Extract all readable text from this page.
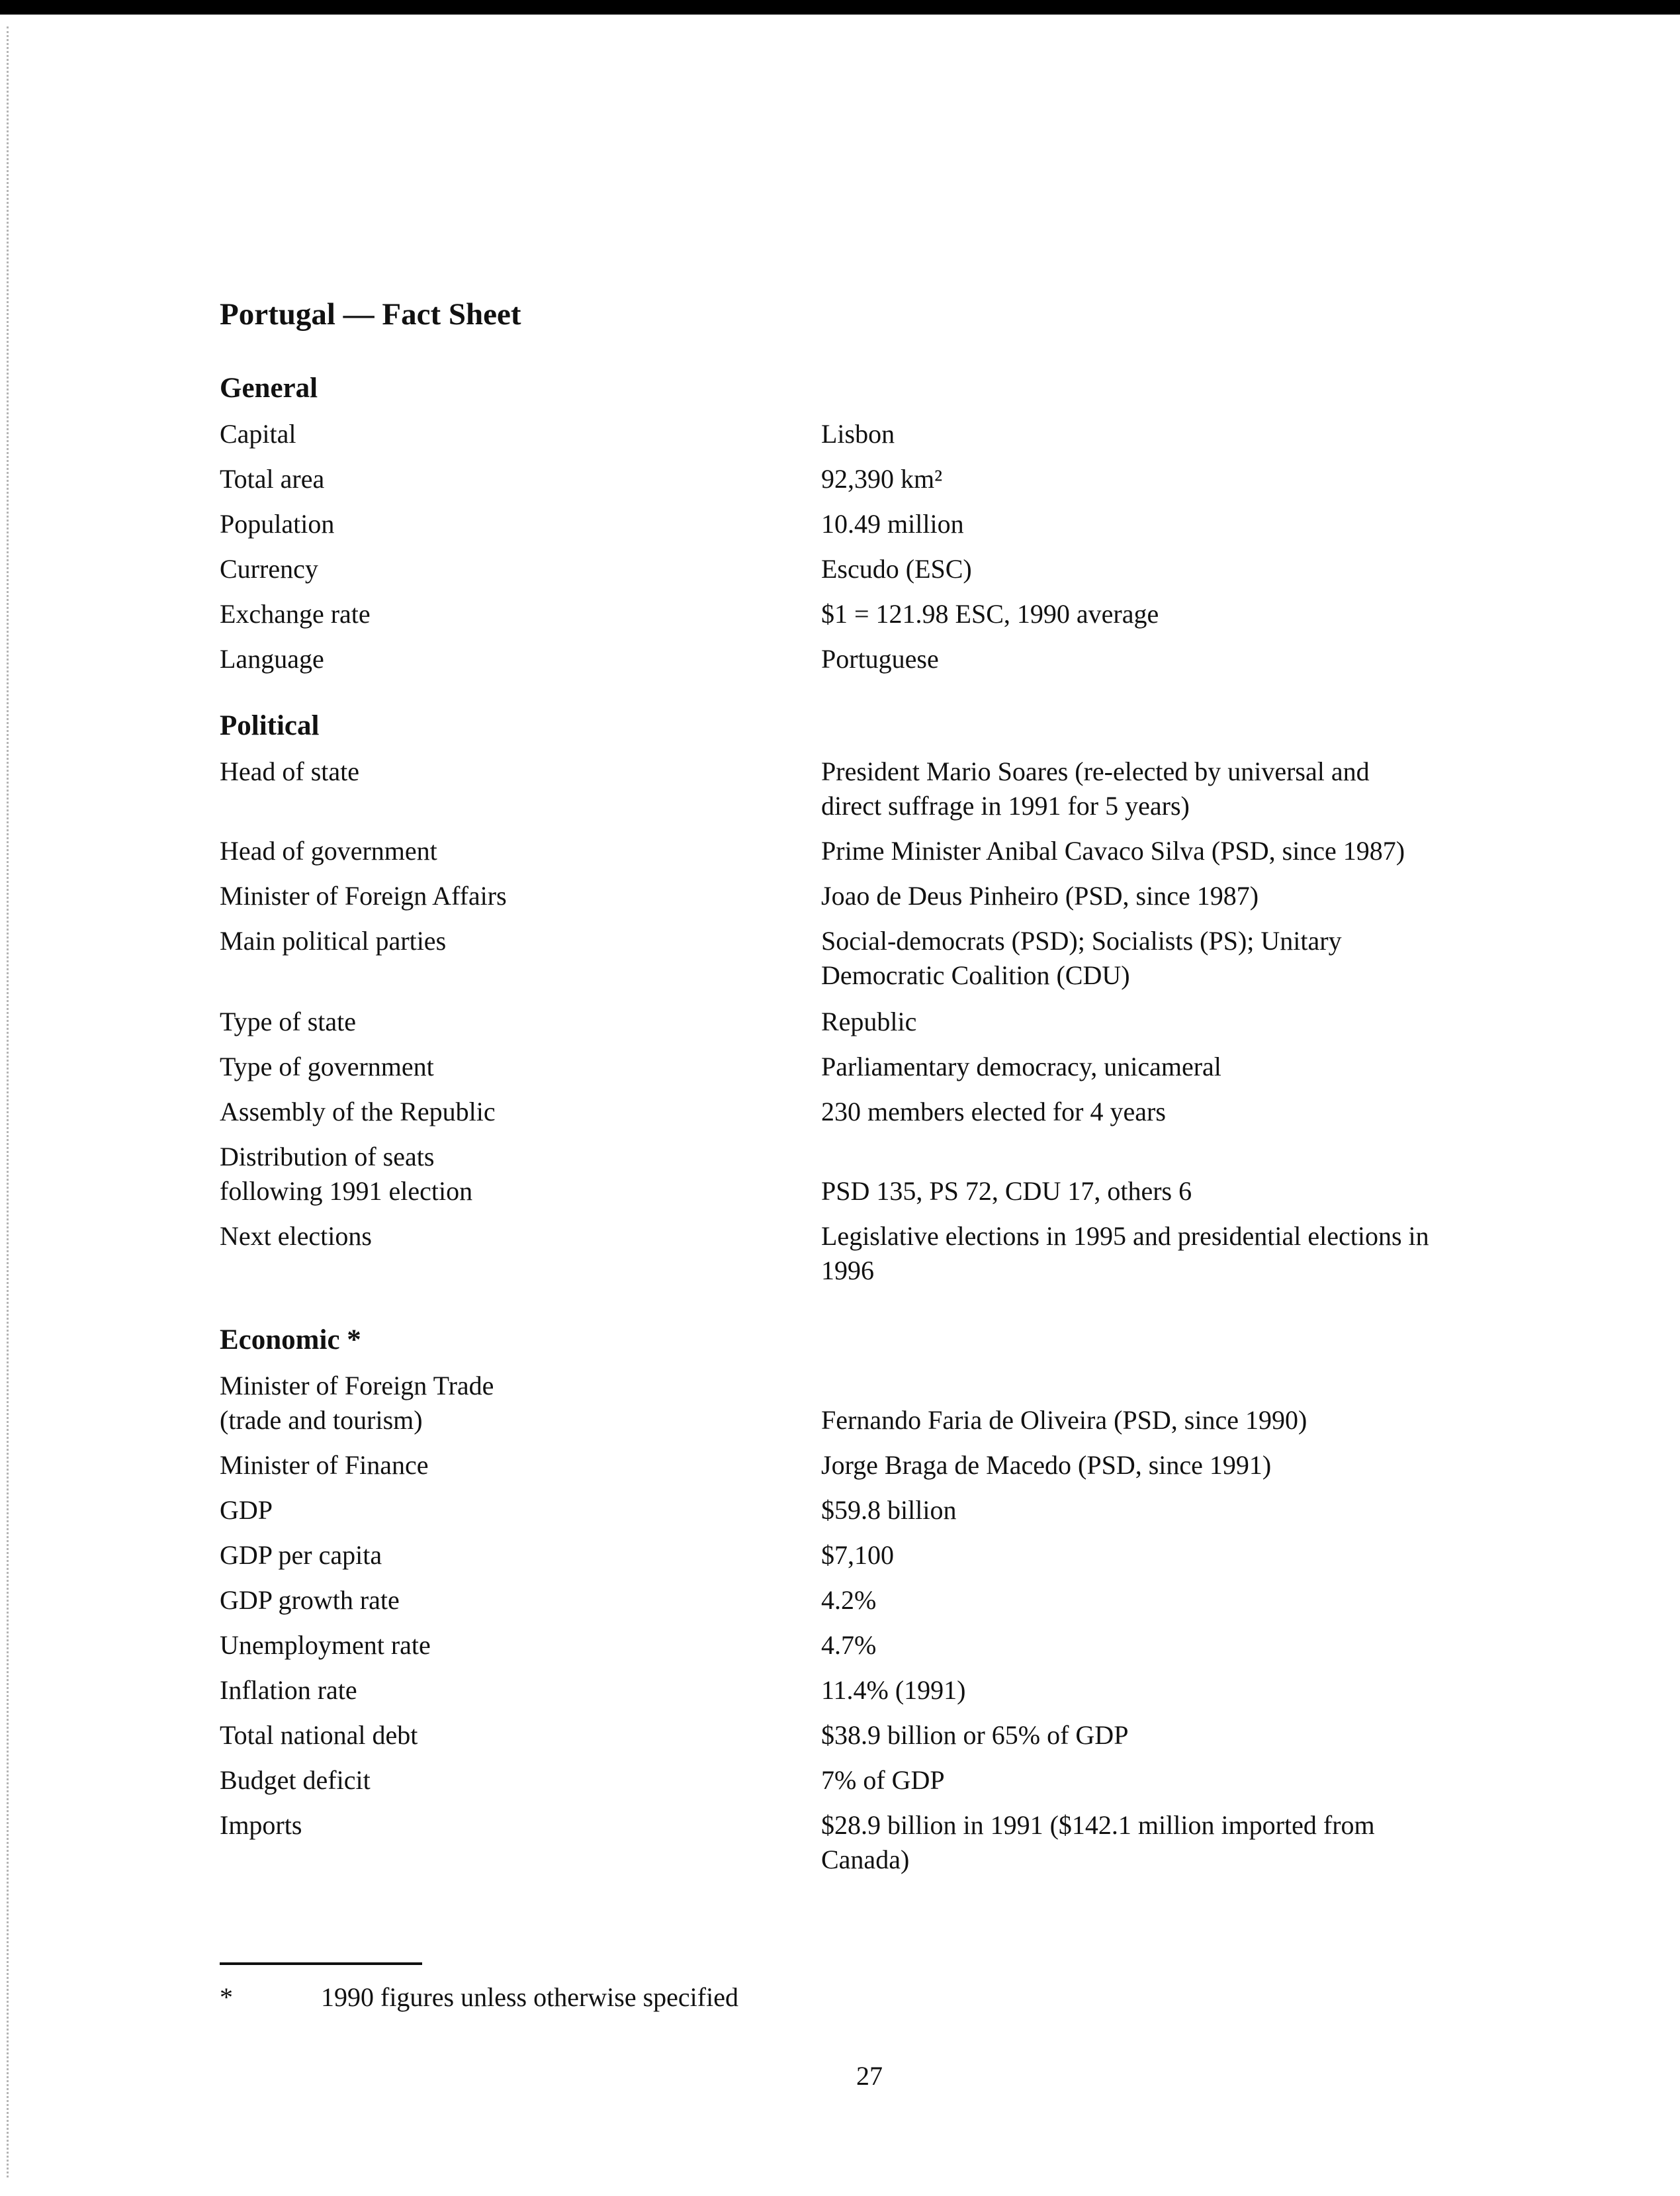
Portugal — Fact Sheet
General
Capital	Lisbon
Total area	92,390 km²
Population	10.49 million
Currency	Escudo (ESC)
Exchange rate	$1 = 121.98 ESC, 1990 average
Language	Portuguese
Political
Head of state	President Mario Soares (re-elected by universal and
direct suffrage in 1991 for 5 years)
Head of government	Prime Minister Anibal Cavaco Silva (PSD, since 1987)
Minister of Foreign Affairs	Joao de Deus Pinheiro (PSD, since 1987)
Main political parties	Social-democrats (PSD); Socialists (PS); Unitary
Democratic Coalition (CDU)
Type of state	Republic
Type of government	Parliamentary democracy, unicameral
Assembly of the Republic	230 members elected for 4 years
Distribution of seats
following 1991 election	PSD 135, PS 72, CDU 17, others 6
Next elections	Legislative elections in 1995 and presidential elections in
1996
Economic *
Minister of Foreign Trade
(trade and tourism)	Fernando Faria de Oliveira (PSD, since 1990)
Minister of Finance	Jorge Braga de Macedo (PSD, since 1991)
GDP	$59.8 billion
GDP per capita	$7,100
GDP growth rate	4.2%
Unemployment rate	4.7%
Inflation rate	11.4% (1991)
Total national debt	$38.9 billion or 65% of GDP
Budget deficit	7% of GDP
Imports	$28.9 billion in 1991 ($142.1 million imported from
Canada)
*	1990 figures unless otherwise specified
27
